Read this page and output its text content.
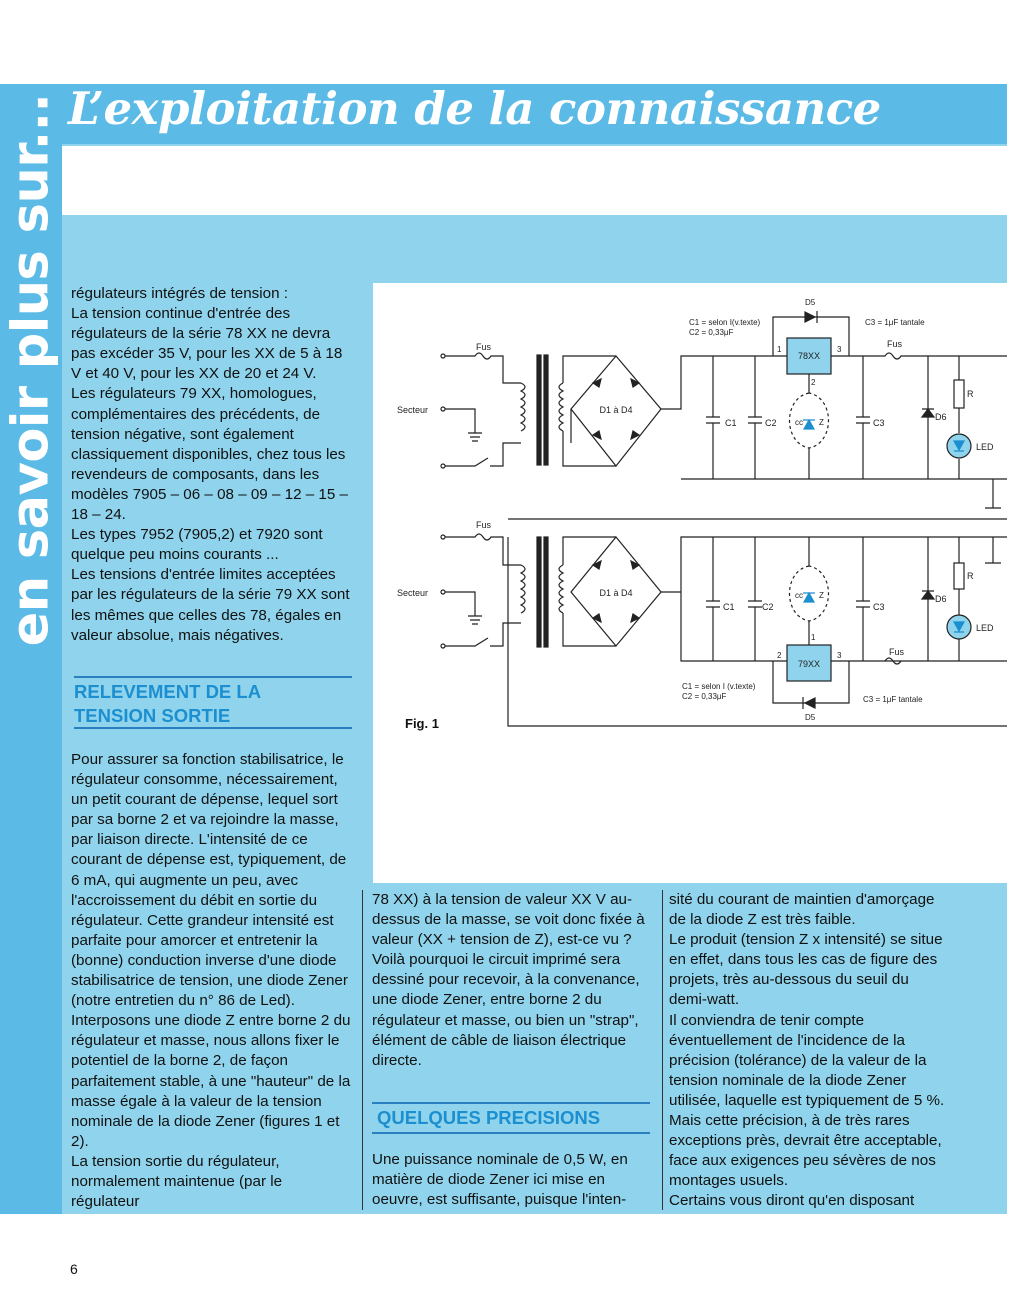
en savoir plus sur... L’exploitation de la connaissance

régulateurs intégrés de tension :

La tension continue d'entrée des régulateurs de la série 78 XX ne devra pas excéder 35 V, pour les XX de 5 à 18 V et 40 V, pour les XX de 20 et 24 V.

Les régulateurs 79 XX, homologues, complémentaires des précédents, de tension négative, sont également classiquement disponibles, chez tous les revendeurs de composants, dans les modèles 7905 – 06 – 08 – 09 – 12 – 15 – 18 – 24.

Les types 7952 (7905,2) et 7920 sont quelque peu moins courants ...

Les tensions d'entrée limites acceptées par les régulateurs de la série 79 XX sont les mêmes que celles des 78, égales en valeur absolue, mais négatives.

RELEVEMENT DE LA
TENSION SORTIE

Pour assurer sa fonction stabilisatrice, le régulateur consomme, nécessairement, un petit courant de dépense, lequel sort par sa borne 2 et va rejoindre la masse, par liaison directe. L'intensité de ce courant de dépense est, typiquement, de 6 mA, qui augmente un peu, avec l'accroissement du débit en sortie du régulateur. Cette grandeur intensité est parfaite pour amorcer et entretenir la (bonne) conduction inverse d'une diode stabilisatrice de tension, une diode Zener (notre entretien du n° 86 de Led).

Interposons une diode Z entre borne 2 du régulateur et masse, nous allons fixer le potentiel de la borne 2, de façon parfaitement stable, à une "hauteur" de la masse égale à la valeur de la tension nominale de la diode Zener (figures 1 et 2).

La tension sortie du régulateur, normalement maintenue (par le régulateur

Fus
Secteur	D1 à D4
C1	C2
C1 = selon I(v.texte)
C2 = 0,33μF
78XX
1	3
2
D5
C3 = 1μF tantale
cc Z	C3
Fus
D6
R
LED
Fus
Secteur	D1 à D4
C1	C2
cc Z
1
79XX
2	3
D5
C1 = selon I (v.texte)
C2 = 0,33μF	C3 = 1μF tantale
C3
Fus
D6
R
LED
Fig. 1

78 XX) à la tension de valeur XX V au-dessus de la masse, se voit donc fixée à valeur (XX + tension de Z), est-ce vu ?

Voilà pourquoi le circuit imprimé sera dessiné pour recevoir, à la convenance, une diode Zener, entre borne 2 du régulateur et masse, ou bien un "strap", élément de câble de liaison électrique directe.

QUELQUES PRECISIONS

Une puissance nominale de 0,5 W, en matière de diode Zener ici mise en oeuvre, est suffisante, puisque l'inten-

sité du courant de maintien d'amorçage de la diode Z est très faible.

Le produit (tension Z x intensité) se situe en effet, dans tous les cas de figure des projets, très au-dessous du seuil du demi-watt.

Il conviendra de tenir compte éventuellement de l'incidence de la précision (tolérance) de la valeur de la tension nominale de la diode Zener utilisée, laquelle est typiquement de 5 %. Mais cette précision, à de très rares exceptions près, devrait être acceptable, face aux exigences peu sévères de nos montages usuels.

Certains vous diront qu'en disposant

6
